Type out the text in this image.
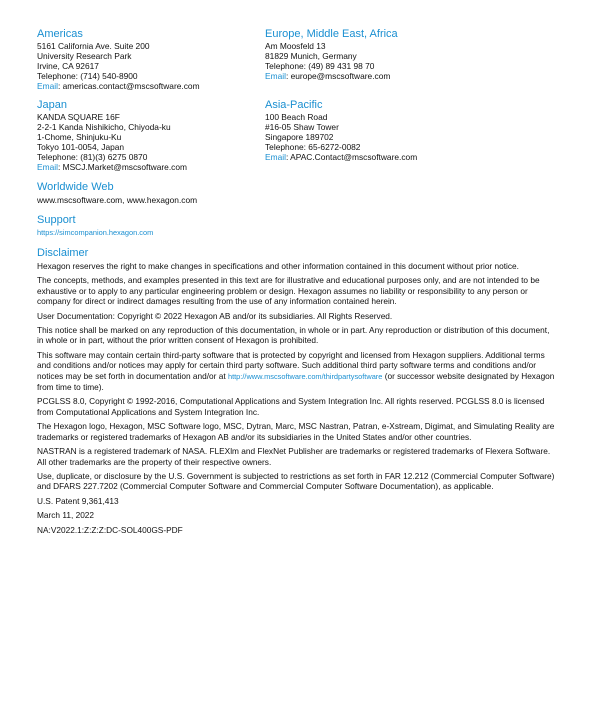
Americas
5161 California Ave. Suite 200
University Research Park
Irvine, CA 92617
Telephone: (714) 540-8900
Email: americas.contact@mscsoftware.com
Europe, Middle East, Africa
Am Moosfeld 13
81829 Munich, Germany
Telephone: (49) 89 431 98 70
Email: europe@mscsoftware.com
Japan
KANDA SQUARE 16F
2-2-1 Kanda Nishikicho, Chiyoda-ku
1-Chome, Shinjuku-Ku
Tokyo 101-0054, Japan
Telephone: (81)(3) 6275 0870
Email: MSCJ.Market@mscsoftware.com
Asia-Pacific
100 Beach Road
#16-05 Shaw Tower
Singapore 189702
Telephone: 65-6272-0082
Email: APAC.Contact@mscsoftware.com
Worldwide Web
www.mscsoftware.com, www.hexagon.com
Support
https://simcompanion.hexagon.com
Disclaimer

Hexagon reserves the right to make changes in specifications and other information contained in this document without prior notice.

The concepts, methods, and examples presented in this text are for illustrative and educational purposes only, and are not intended to be exhaustive or to apply to any particular engineering problem or design. Hexagon assumes no liability or responsibility to any person or company for direct or indirect damages resulting from the use of any information contained herein.

User Documentation: Copyright © 2022 Hexagon AB and/or its subsidiaries. All Rights Reserved.

This notice shall be marked on any reproduction of this documentation, in whole or in part. Any reproduction or distribution of this document, in whole or in part, without the prior written consent of Hexagon is prohibited.

This software may contain certain third-party software that is protected by copyright and licensed from Hexagon suppliers. Additional terms and conditions and/or notices may apply for certain third party software. Such additional third party software terms and conditions and/or notices may be set forth in documentation and/or at http://www.mscsoftware.com/thirdpartysoftware (or successor website designated by Hexagon from time to time).

PCGLSS 8.0, Copyright © 1992-2016, Computational Applications and System Integration Inc. All rights reserved. PCGLSS 8.0 is licensed from Computational Applications and System Integration Inc.

The Hexagon logo, Hexagon, MSC Software logo, MSC, Dytran, Marc, MSC Nastran, Patran, e-Xstream, Digimat, and Simulating Reality are trademarks or registered trademarks of Hexagon AB and/or its subsidiaries in the United States and/or other countries.

NASTRAN is a registered trademark of NASA. FLEXlm and FlexNet Publisher are trademarks or registered trademarks of Flexera Software. All other trademarks are the property of their respective owners.

Use, duplicate, or disclosure by the U.S. Government is subjected to restrictions as set forth in FAR 12.212 (Commercial Computer Software) and DFARS 227.7202 (Commercial Computer Software and Commercial Computer Software Documentation), as applicable.

U.S. Patent 9,361,413

March 11, 2022

NA:V2022.1:Z:Z:Z:DC-SOL400GS-PDF
